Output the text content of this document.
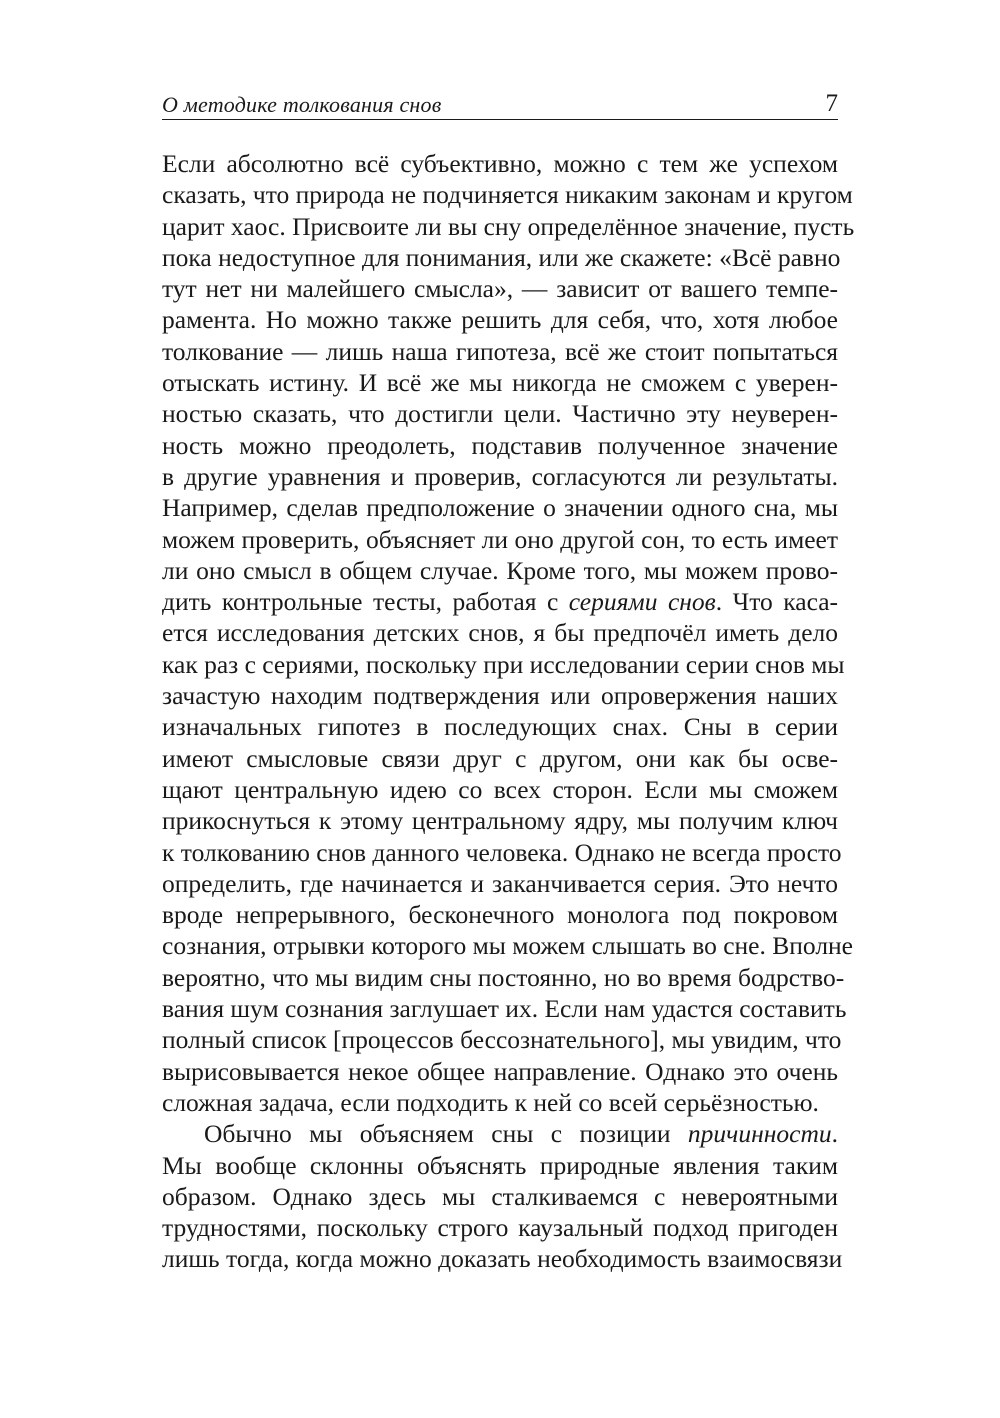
О методике толкования снов	7

Если абсолютно всё субъективно, можно с тем же успехом
сказать, что природа не подчиняется никаким законам и кругом
царит хаос. Присвоите ли вы сну определённое значение, пусть
пока недоступное для понимания, или же скажете: «Всё равно
тут нет ни малейшего смысла», — зависит от вашего темпе-
рамента. Но можно также решить для себя, что, хотя любое
толкование — лишь наша гипотеза, всё же стоит попытаться
отыскать истину. И всё же мы никогда не сможем с уверен-
ностью сказать, что достигли цели. Частично эту неуверен-
ность можно преодолеть, подставив полученное значение
в другие уравнения и проверив, согласуются ли результаты.
Например, сделав предположение о значении одного сна, мы
можем проверить, объясняет ли оно другой сон, то есть имеет
ли оно смысл в общем случае. Кроме того, мы можем прово-
дить контрольные тесты, работая с сериями снов. Что каса-
ется исследования детских снов, я бы предпочёл иметь дело
как раз с сериями, поскольку при исследовании серии снов мы
зачастую находим подтверждения или опровержения наших
изначальных гипотез в последующих снах. Сны в серии
имеют смысловые связи друг с другом, они как бы осве-
щают центральную идею со всех сторон. Если мы сможем
прикоснуться к этому центральному ядру, мы получим ключ
к толкованию снов данного человека. Однако не всегда просто
определить, где начинается и заканчивается серия. Это нечто
вроде непрерывного, бесконечного монолога под покровом
сознания, отрывки которого мы можем слышать во сне. Вполне
вероятно, что мы видим сны постоянно, но во время бодрство-
вания шум сознания заглушает их. Если нам удастся составить
полный список [процессов бессознательного], мы увидим, что
вырисовывается некое общее направление. Однако это очень
сложная задача, если подходить к ней со всей серьёзностью.

Обычно мы объясняем сны с позиции причинности.
Мы вообще склонны объяснять природные явления таким
образом. Однако здесь мы сталкиваемся с невероятными
трудностями, поскольку строго каузальный подход пригоден
лишь тогда, когда можно доказать необходимость взаимосвязи
